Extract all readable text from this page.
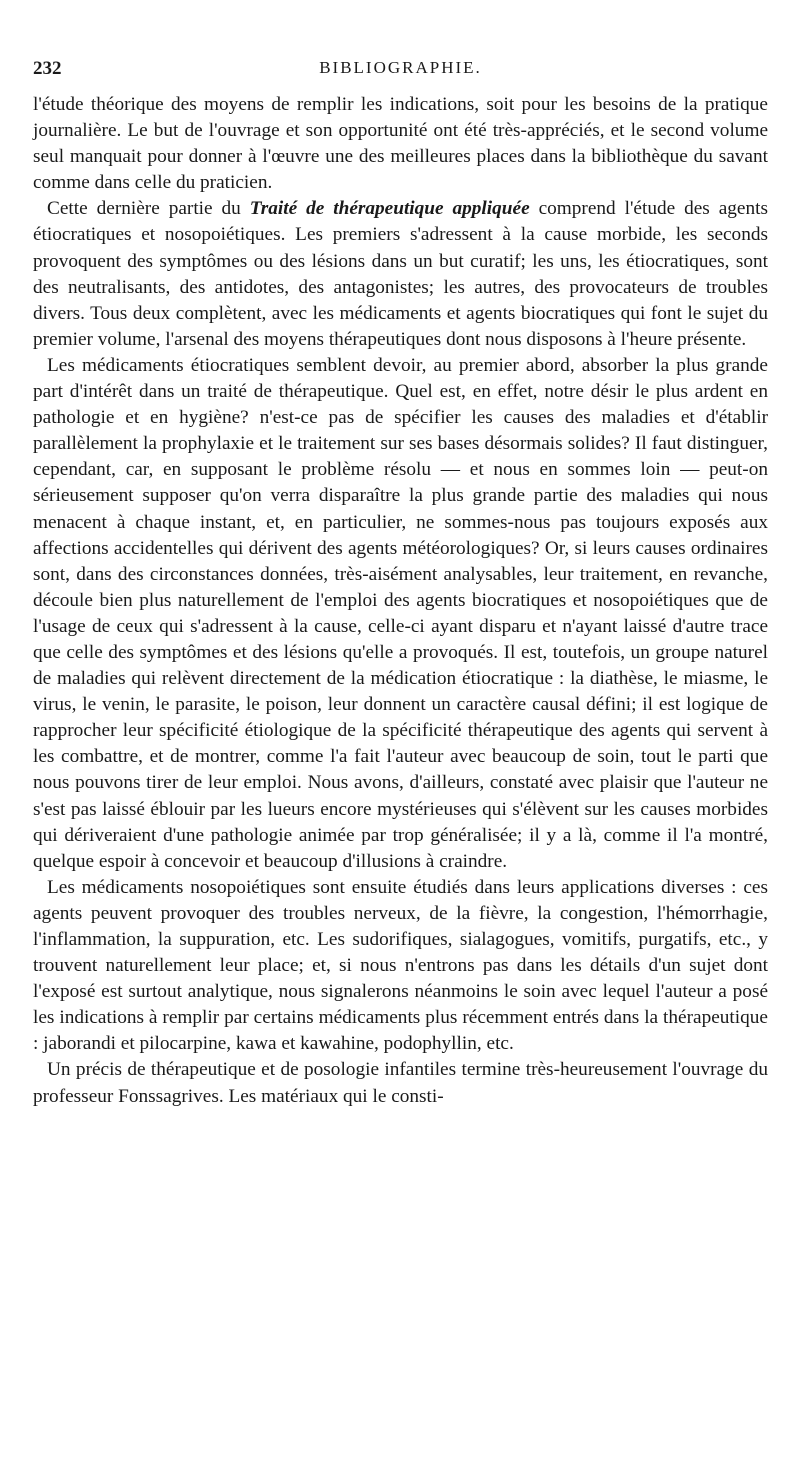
232	BIBLIOGRAPHIE.

l'étude théorique des moyens de remplir les indications, soit pour les besoins de la pratique journalière. Le but de l'ouvrage et son opportunité ont été très-appréciés, et le second volume seul manquait pour donner à l'œuvre une des meilleures places dans la bibliothèque du savant comme dans celle du praticien.

Cette dernière partie du Traité de thérapeutique appliquée comprend l'étude des agents étiocratiques et nosopoiétiques. Les premiers s'adressent à la cause morbide, les seconds provoquent des symptômes ou des lésions dans un but curatif; les uns, les étiocratiques, sont des neutralisants, des antidotes, des antagonistes; les autres, des provocateurs de troubles divers. Tous deux complètent, avec les médicaments et agents biocratiques qui font le sujet du premier volume, l'arsenal des moyens thérapeutiques dont nous disposons à l'heure présente.

Les médicaments étiocratiques semblent devoir, au premier abord, absorber la plus grande part d'intérêt dans un traité de thérapeutique. Quel est, en effet, notre désir le plus ardent en pathologie et en hygiène? n'est-ce pas de spécifier les causes des maladies et d'établir parallèlement la prophylaxie et le traitement sur ses bases désormais solides? Il faut distinguer, cependant, car, en supposant le problème résolu — et nous en sommes loin — peut-on sérieusement supposer qu'on verra disparaître la plus grande partie des maladies qui nous menacent à chaque instant, et, en particulier, ne sommes-nous pas toujours exposés aux affections accidentelles qui dérivent des agents météorologiques? Or, si leurs causes ordinaires sont, dans des circonstances données, très-aisément analysables, leur traitement, en revanche, découle bien plus naturellement de l'emploi des agents biocratiques et nosopoiétiques que de l'usage de ceux qui s'adressent à la cause, celle-ci ayant disparu et n'ayant laissé d'autre trace que celle des symptômes et des lésions qu'elle a provoqués. Il est, toutefois, un groupe naturel de maladies qui relèvent directement de la médication étiocratique : la diathèse, le miasme, le virus, le venin, le parasite, le poison, leur donnent un caractère causal défini; il est logique de rapprocher leur spécificité étiologique de la spécificité thérapeutique des agents qui servent à les combattre, et de montrer, comme l'a fait l'auteur avec beaucoup de soin, tout le parti que nous pouvons tirer de leur emploi. Nous avons, d'ailleurs, constaté avec plaisir que l'auteur ne s'est pas laissé éblouir par les lueurs encore mystérieuses qui s'élèvent sur les causes morbides qui dériveraient d'une pathologie animée par trop généralisée; il y a là, comme il l'a montré, quelque espoir à concevoir et beaucoup d'illusions à craindre.

Les médicaments nosopoiétiques sont ensuite étudiés dans leurs applications diverses : ces agents peuvent provoquer des troubles nerveux, de la fièvre, la congestion, l'hémorrhagie, l'inflammation, la suppuration, etc. Les sudorifiques, sialagogues, vomitifs, purgatifs, etc., y trouvent naturellement leur place; et, si nous n'entrons pas dans les détails d'un sujet dont l'exposé est surtout analytique, nous signalerons néanmoins le soin avec lequel l'auteur a posé les indications à remplir par certains médicaments plus récemment entrés dans la thérapeutique : jaborandi et pilocarpine, kawa et kawahine, podophyllin, etc.

Un précis de thérapeutique et de posologie infantiles termine très-heureusement l'ouvrage du professeur Fonssagrives. Les matériaux qui le consti-
